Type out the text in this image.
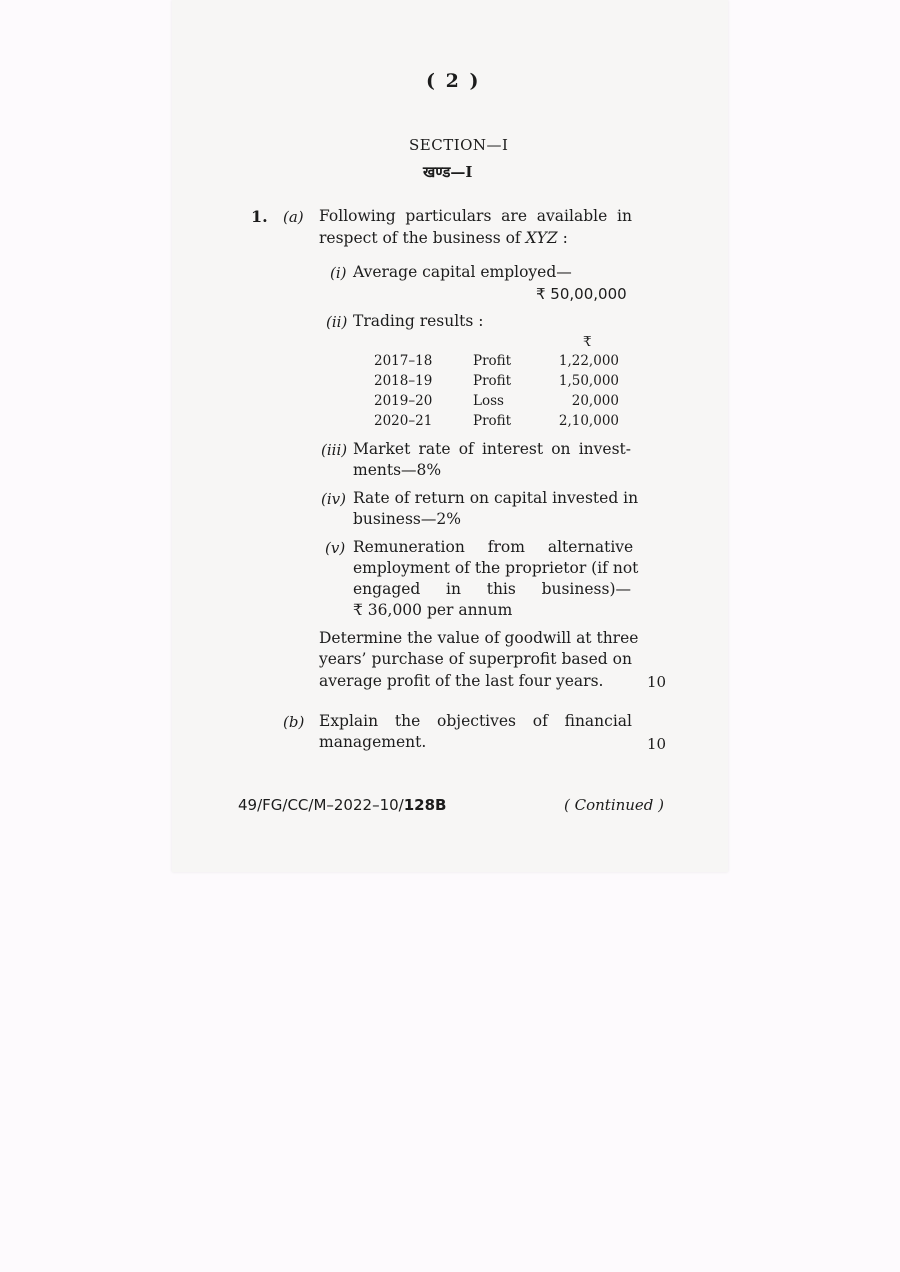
( 2 )
SECTION—I
खण्ड—I
1. (a) Following particulars are available in
respect of the business of XYZ :
(i) Average capital employed—
₹ 50,00,000
(ii) Trading results :
₹
2017–18	Profit	1,22,000
2018–19	Profit	1,50,000
2019–20	Loss	20,000
2020–21	Profit	2,10,000
(iii) Market rate of interest on invest-
ments—8%
(iv) Rate of return on capital invested in
business—2%
(v) Remuneration from alternative
employment of the proprietor (if not
engaged in this business)—
₹ 36,000 per annum
Determine the value of goodwill at three
years’ purchase of superprofit based on
average profit of the last four years.	10
(b) Explain the objectives of financial
management.	10
49/FG/CC/M–2022–10/128B	( Continued )
